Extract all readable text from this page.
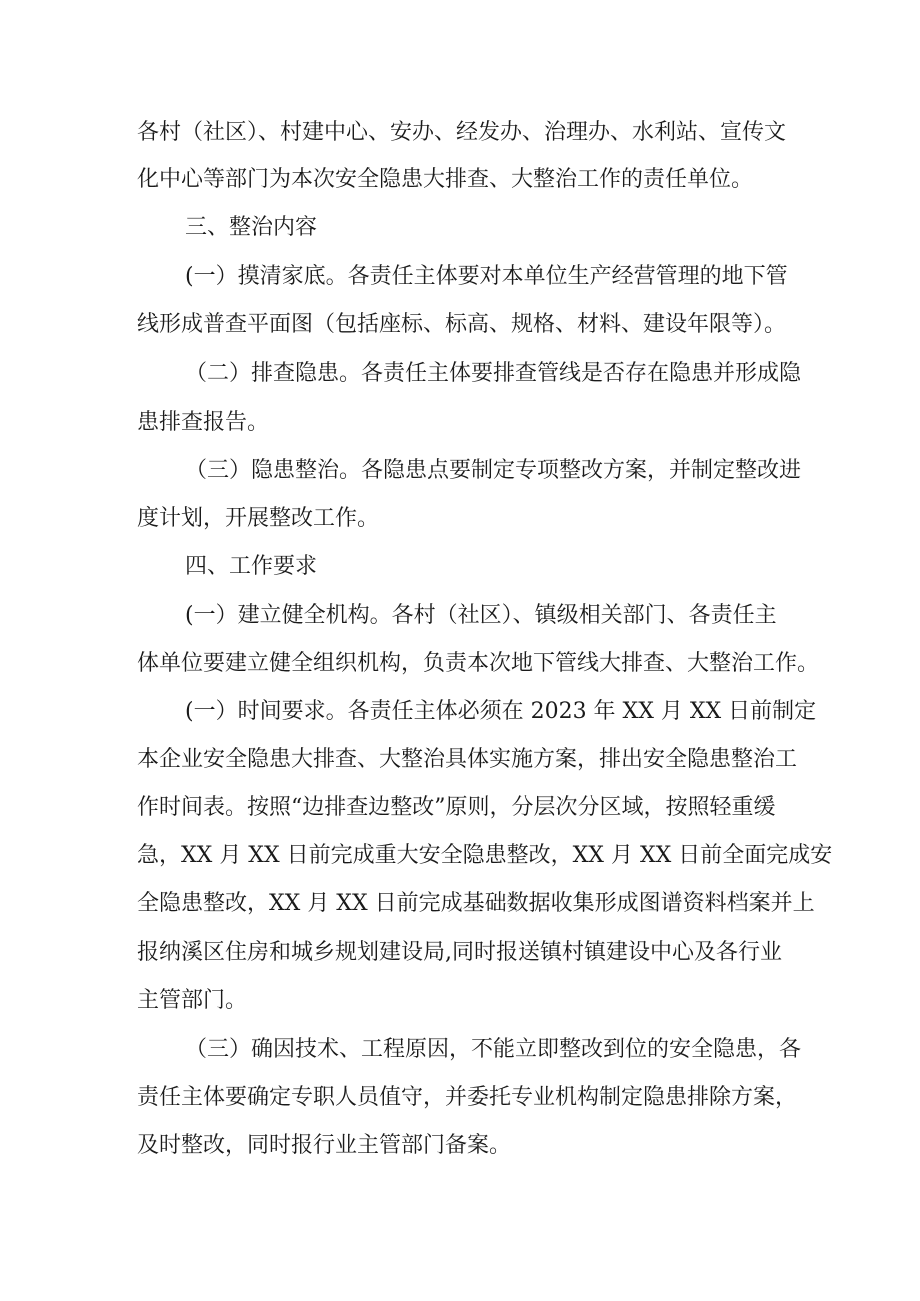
各村（社区）、村建中心、安办、经发办、治理办、水利站、宣传文
化中心等部门为本次安全隐患大排查、大整治工作的责任单位。
三、整治内容
(一）摸清家底。各责任主体要对本单位生产经营管理的地下管
线形成普查平面图（包括座标、标高、规格、材料、建设年限等）。
（二）排查隐患。各责任主体要排查管线是否存在隐患并形成隐
患排查报告。
（三）隐患整治。各隐患点要制定专项整改方案，并制定整改进
度计划，开展整改工作。
四、工作要求
(一）建立健全机构。各村（社区）、镇级相关部门、各责任主
体单位要建立健全组织机构，负责本次地下管线大排查、大整治工作。
(一）时间要求。各责任主体必须在 2023 年 XX 月 XX 日前制定
本企业安全隐患大排查、大整治具体实施方案，排出安全隐患整治工
作时间表。按照“边排查边整改”原则，分层次分区域，按照轻重缓
急，XX 月 XX 日前完成重大安全隐患整改，XX 月 XX 日前全面完成安
全隐患整改，XX 月 XX 日前完成基础数据收集形成图谱资料档案并上
报纳溪区住房和城乡规划建设局,同时报送镇村镇建设中心及各行业
主管部门。
（三）确因技术、工程原因，不能立即整改到位的安全隐患，各
责任主体要确定专职人员值守，并委托专业机构制定隐患排除方案，
及时整改，同时报行业主管部门备案。
